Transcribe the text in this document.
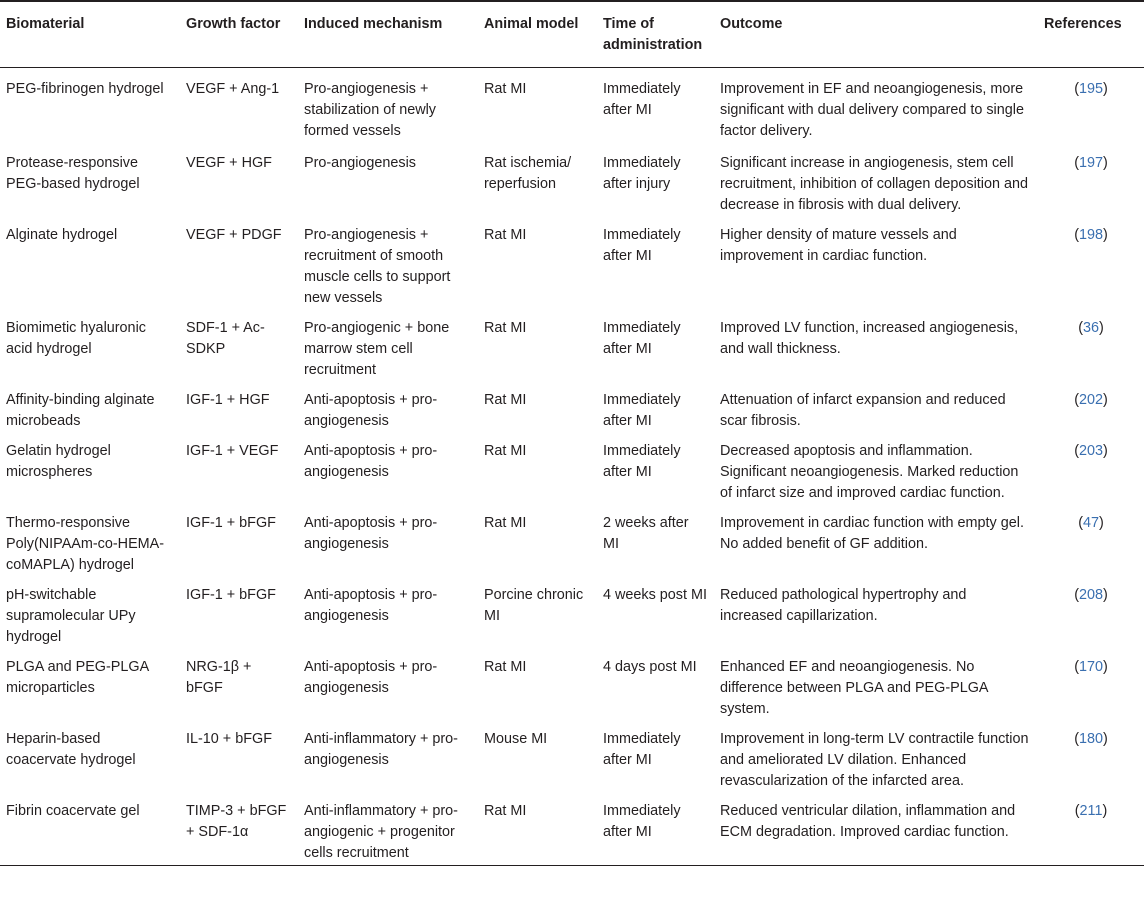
Biomaterial	Growth factor	Induced mechanism	Animal model	Time of administration	Outcome	References
PEG-fibrinogen hydrogel	VEGF + Ang-1	Pro-angiogenesis + stabilization of newly formed vessels	Rat MI	Immediately after MI	Improvement in EF and neoangiogenesis, more significant with dual delivery compared to single factor delivery.	(195)
Protease-responsive PEG-based hydrogel	VEGF + HGF	Pro-angiogenesis	Rat ischemia/ reperfusion	Immediately after injury	Significant increase in angiogenesis, stem cell recruitment, inhibition of collagen deposition and decrease in fibrosis with dual delivery.	(197)
Alginate hydrogel	VEGF + PDGF	Pro-angiogenesis + recruitment of smooth muscle cells to support new vessels	Rat MI	Immediately after MI	Higher density of mature vessels and improvement in cardiac function.	(198)
Biomimetic hyaluronic acid hydrogel	SDF-1 + Ac-SDKP	Pro-angiogenic + bone marrow stem cell recruitment	Rat MI	Immediately after MI	Improved LV function, increased angiogenesis, and wall thickness.	(36)
Affinity-binding alginate microbeads	IGF-1 + HGF	Anti-apoptosis + pro-angiogenesis	Rat MI	Immediately after MI	Attenuation of infarct expansion and reduced scar fibrosis.	(202)
Gelatin hydrogel microspheres	IGF-1 + VEGF	Anti-apoptosis + pro-angiogenesis	Rat MI	Immediately after MI	Decreased apoptosis and inflammation. Significant neoangiogenesis. Marked reduction of infarct size and improved cardiac function.	(203)
Thermo-responsive Poly(NIPAAm-co-HEMA-coMAPLA) hydrogel	IGF-1 + bFGF	Anti-apoptosis + pro-angiogenesis	Rat MI	2 weeks after MI	Improvement in cardiac function with empty gel. No added benefit of GF addition.	(47)
pH-switchable supramolecular UPy hydrogel	IGF-1 + bFGF	Anti-apoptosis + pro-angiogenesis	Porcine chronic MI	4 weeks post MI	Reduced pathological hypertrophy and increased capillarization.	(208)
PLGA and PEG-PLGA microparticles	NRG-1β + bFGF	Anti-apoptosis + pro-angiogenesis	Rat MI	4 days post MI	Enhanced EF and neoangiogenesis. No difference between PLGA and PEG-PLGA system.	(170)
Heparin-based coacervate hydrogel	IL-10 + bFGF	Anti-inflammatory + pro-angiogenesis	Mouse MI	Immediately after MI	Improvement in long-term LV contractile function and ameliorated LV dilation. Enhanced revascularization of the infarcted area.	(180)
Fibrin coacervate gel	TIMP-3 + bFGF + SDF-1α	Anti-inflammatory + pro-angiogenic + progenitor cells recruitment	Rat MI	Immediately after MI	Reduced ventricular dilation, inflammation and ECM degradation. Improved cardiac function.	(211)
